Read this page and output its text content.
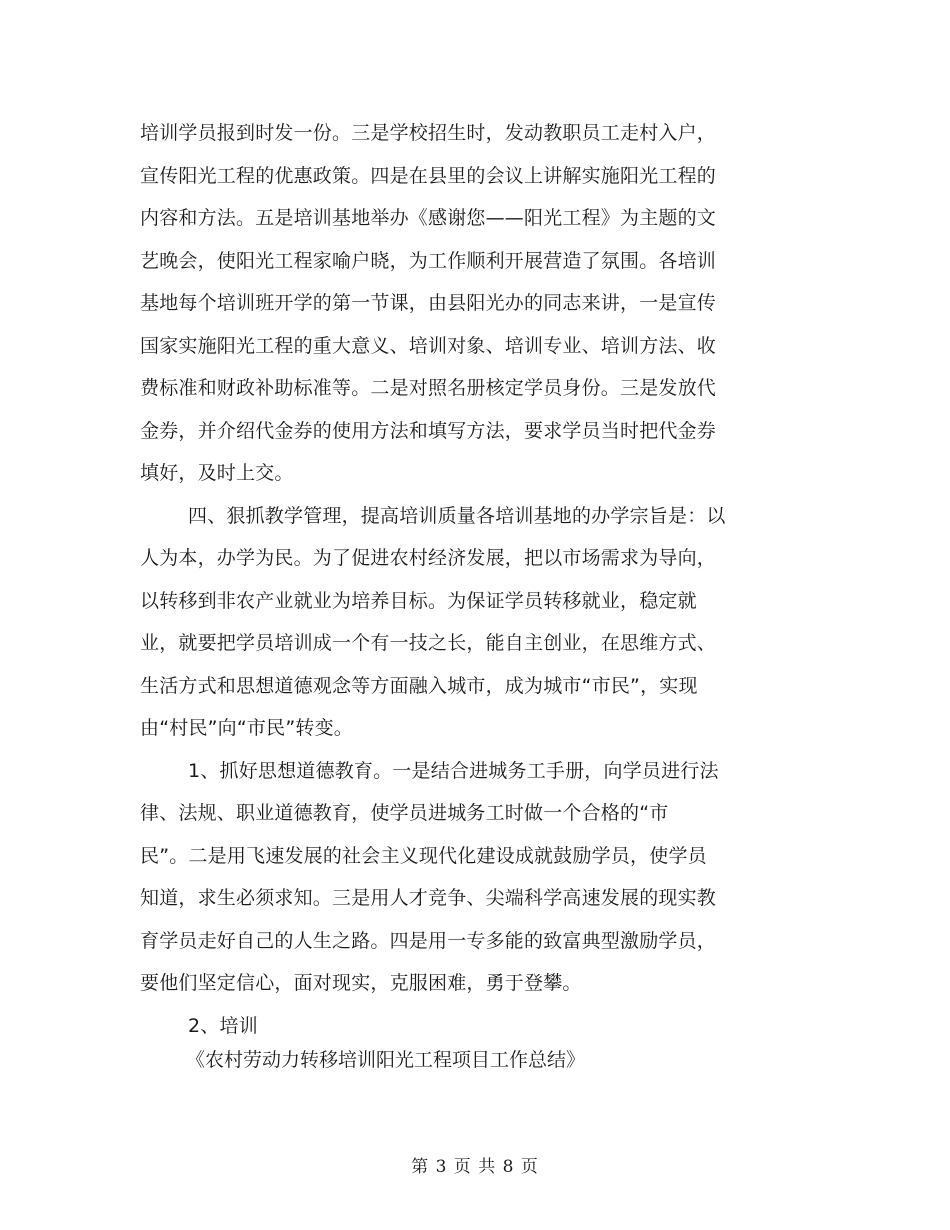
培训学员报到时发一份。三是学校招生时，发动教职员工走村入户，
宣传阳光工程的优惠政策。四是在县里的会议上讲解实施阳光工程的
内容和方法。五是培训基地举办《感谢您——阳光工程》为主题的文
艺晚会，使阳光工程家喻户晓，为工作顺利开展营造了氛围。各培训
基地每个培训班开学的第一节课，由县阳光办的同志来讲，一是宣传
国家实施阳光工程的重大意义、培训对象、培训专业、培训方法、收
费标准和财政补助标准等。二是对照名册核定学员身份。三是发放代
金券，并介绍代金券的使用方法和填写方法，要求学员当时把代金券
填好，及时上交。
四、狠抓教学管理，提高培训质量各培训基地的办学宗旨是：以
人为本，办学为民。为了促进农村经济发展，把以市场需求为导向，
以转移到非农产业就业为培养目标。为保证学员转移就业，稳定就
业，就要把学员培训成一个有一技之长，能自主创业，在思维方式、
生活方式和思想道德观念等方面融入城市，成为城市“市民”，实现
由“村民”向“市民”转变。
1、抓好思想道德教育。一是结合进城务工手册，向学员进行法
律、法规、职业道德教育，使学员进城务工时做一个合格的“市
民”。二是用飞速发展的社会主义现代化建设成就鼓励学员，使学员
知道，求生必须求知。三是用人才竞争、尖端科学高速发展的现实教
育学员走好自己的人生之路。四是用一专多能的致富典型激励学员，
要他们坚定信心，面对现实，克服困难，勇于登攀。
2、培训
《农村劳动力转移培训阳光工程项目工作总结》
第 3 页 共 8 页
